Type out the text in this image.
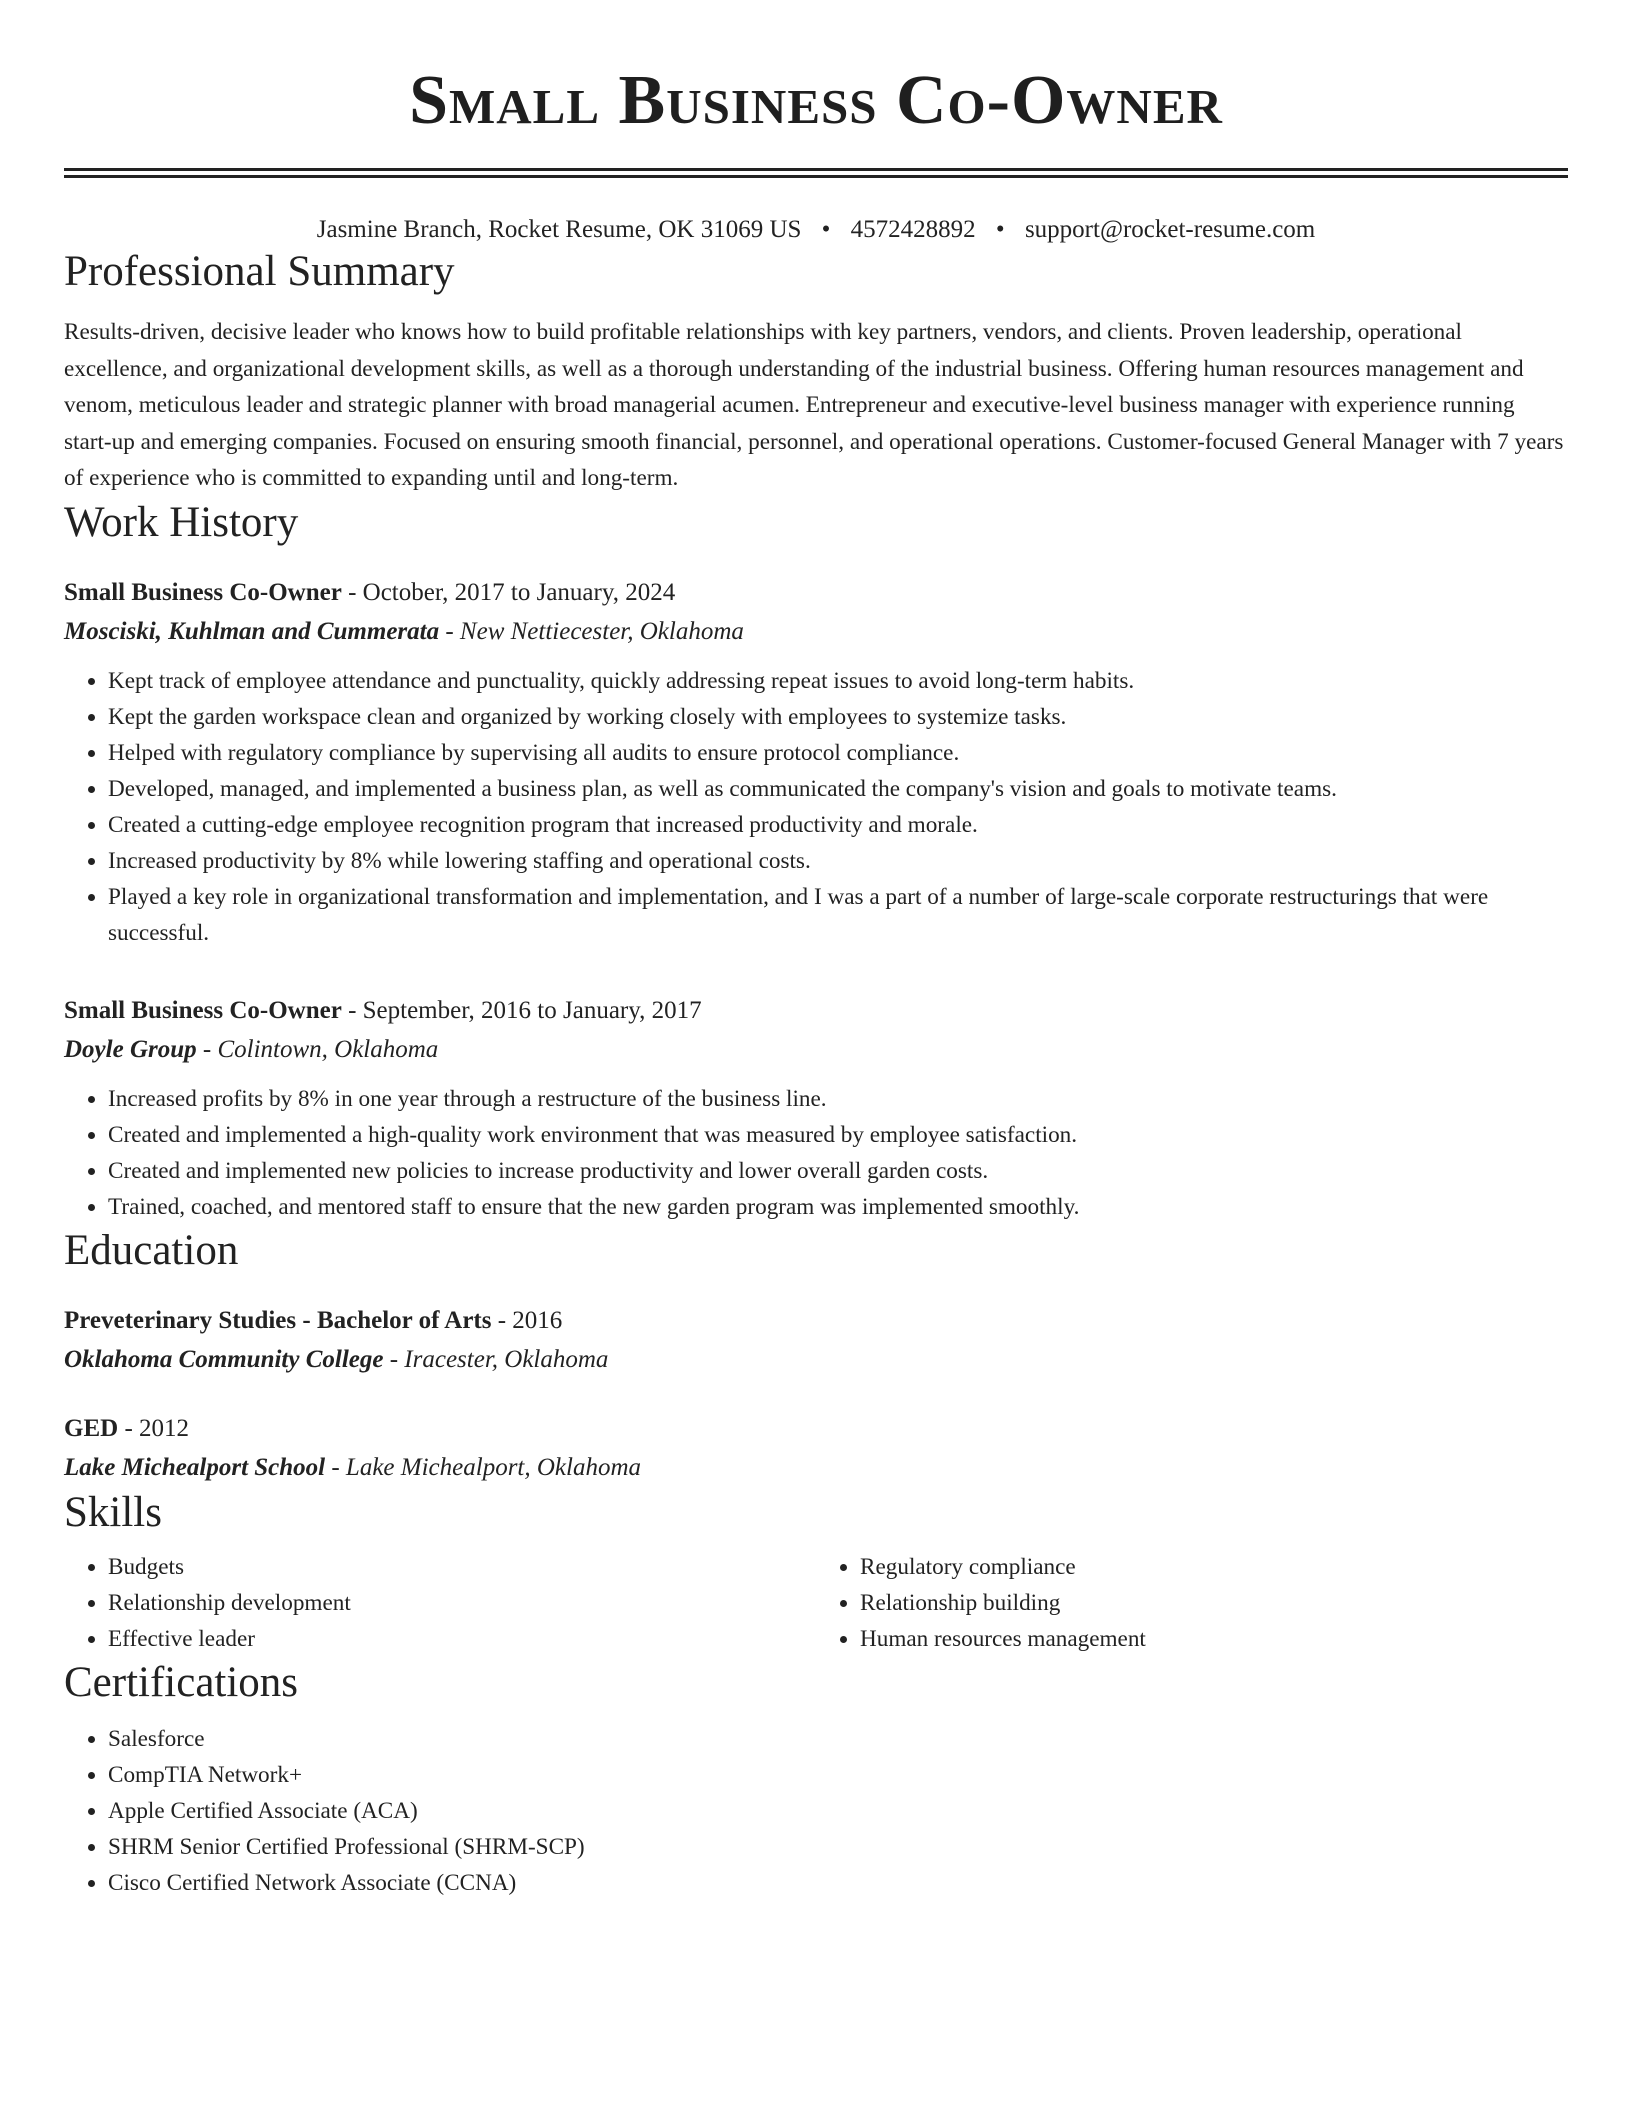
Small Business Co-Owner
Jasmine Branch, Rocket Resume, OK 31069 US • 4572428892 • support@rocket-resume.com
Professional Summary

Results-driven, decisive leader who knows how to build profitable relationships with key partners, vendors, and clients. Proven leadership, operational excellence, and organizational development skills, as well as a thorough understanding of the industrial business. Offering human resources management and venom, meticulous leader and strategic planner with broad managerial acumen. Entrepreneur and executive-level business manager with experience running start-up and emerging companies. Focused on ensuring smooth financial, personnel, and operational operations. Customer-focused General Manager with 7 years of experience who is committed to expanding until and long-term.

Work History
Small Business Co-Owner - October, 2017 to January, 2024
Mosciski, Kuhlman and Cummerata - New Nettiecester, Oklahoma
• Kept track of employee attendance and punctuality, quickly addressing repeat issues to avoid long-term habits.
• Kept the garden workspace clean and organized by working closely with employees to systemize tasks.
• Helped with regulatory compliance by supervising all audits to ensure protocol compliance.
• Developed, managed, and implemented a business plan, as well as communicated the company's vision and goals to motivate teams.
• Created a cutting-edge employee recognition program that increased productivity and morale.
• Increased productivity by 8% while lowering staffing and operational costs.
• Played a key role in organizational transformation and implementation, and I was a part of a number of large-scale corporate restructurings that were successful.
Small Business Co-Owner - September, 2016 to January, 2017
Doyle Group - Colintown, Oklahoma
• Increased profits by 8% in one year through a restructure of the business line.
• Created and implemented a high-quality work environment that was measured by employee satisfaction.
• Created and implemented new policies to increase productivity and lower overall garden costs.
• Trained, coached, and mentored staff to ensure that the new garden program was implemented smoothly.
Education
Preveterinary Studies - Bachelor of Arts - 2016
Oklahoma Community College - Iracester, Oklahoma
GED - 2012
Lake Michealport School - Lake Michealport, Oklahoma
Skills
• Budgets
• Relationship development
• Effective leader
• Regulatory compliance
• Relationship building
• Human resources management
Certifications
• Salesforce
• CompTIA Network+
• Apple Certified Associate (ACA)
• SHRM Senior Certified Professional (SHRM-SCP)
• Cisco Certified Network Associate (CCNA)
